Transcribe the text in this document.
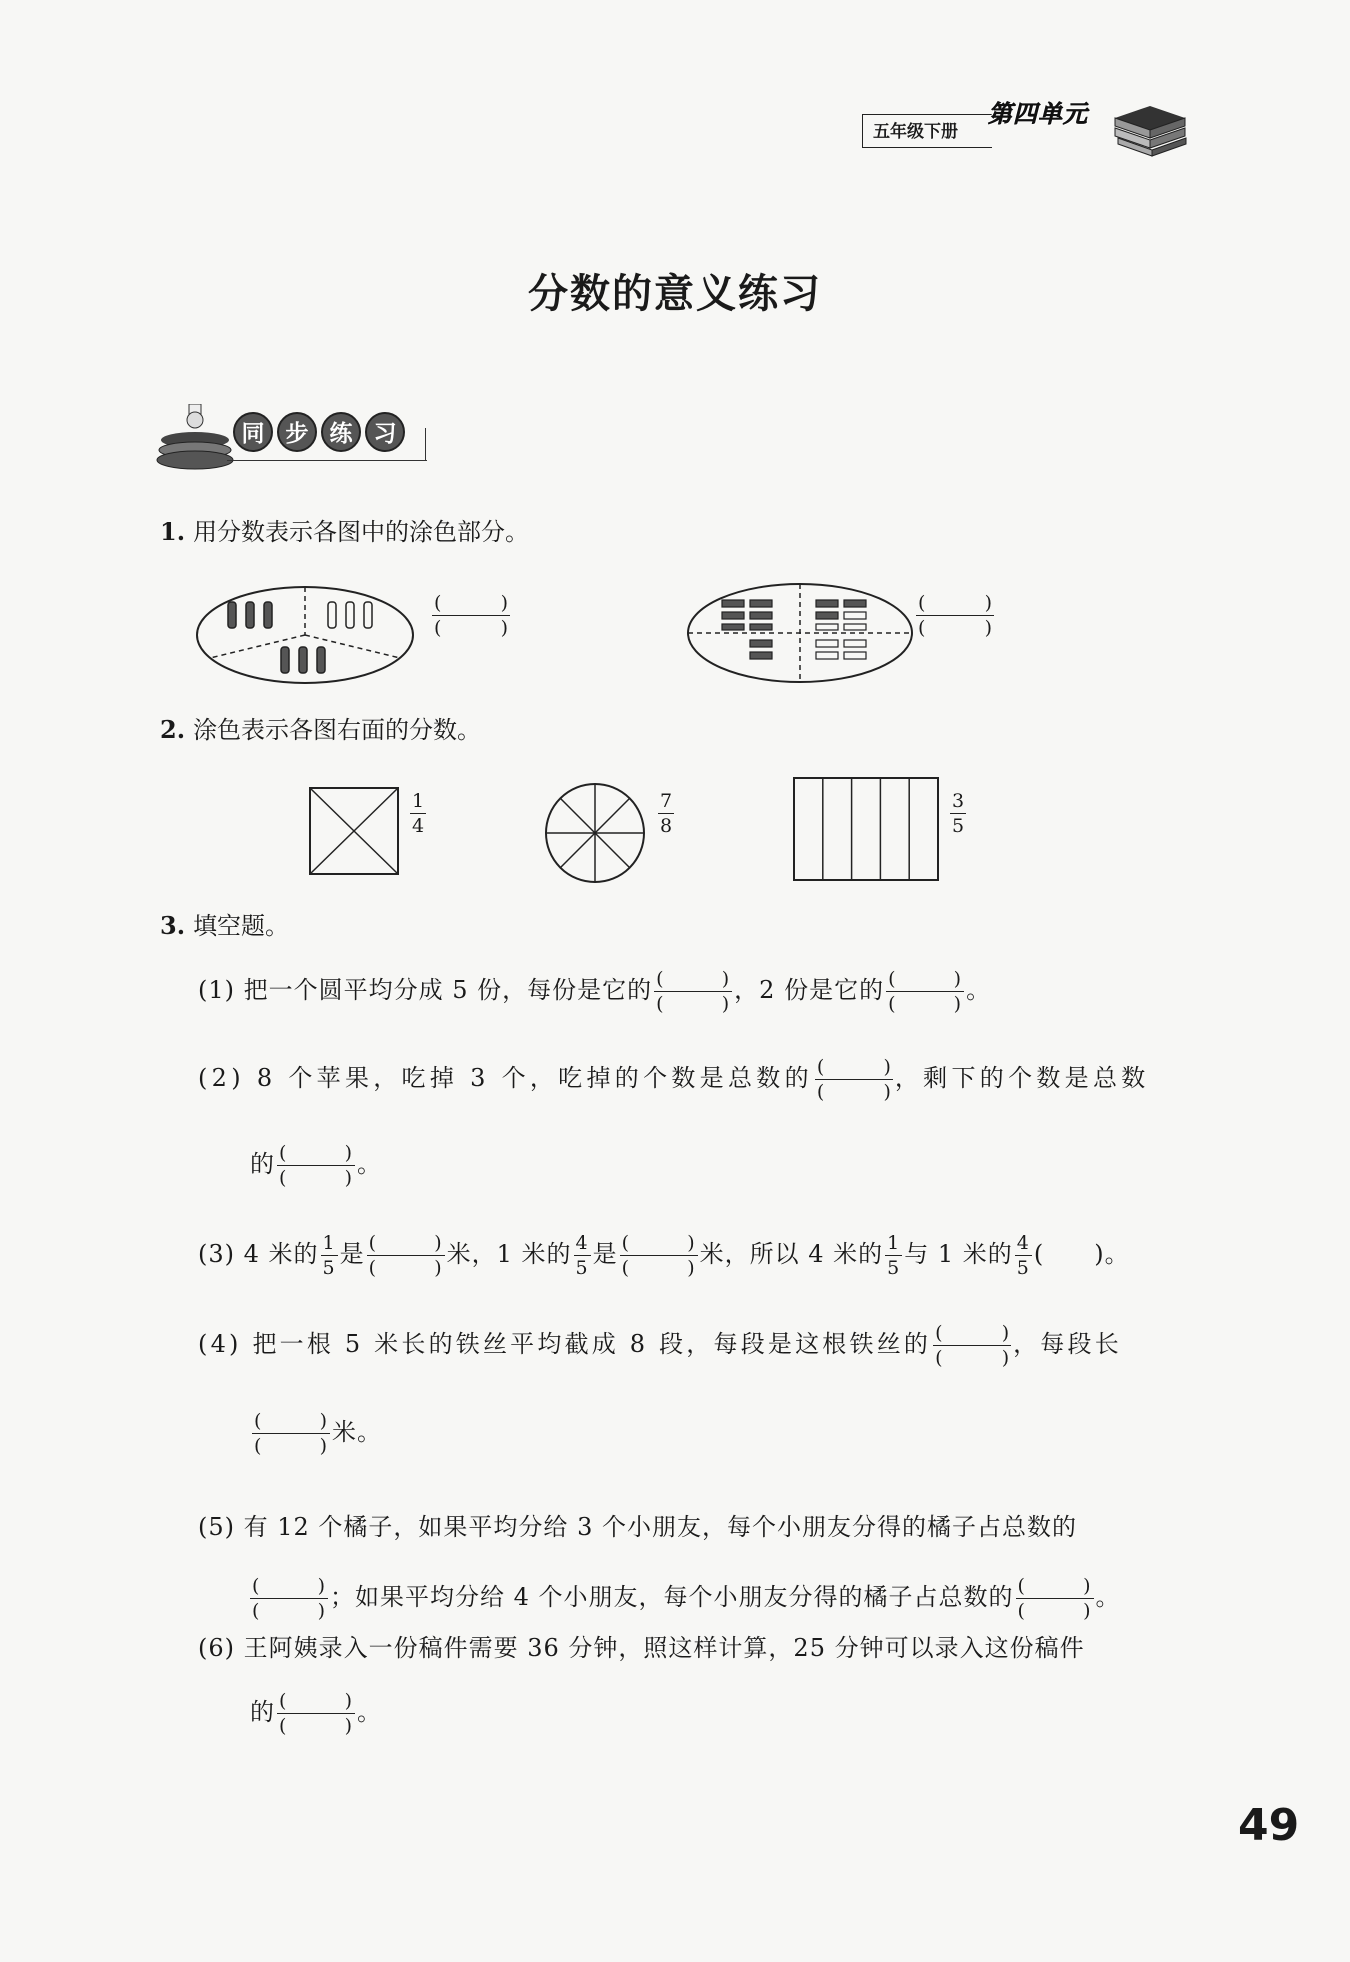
五年级下册
第四单元
分数的意义练习
同 步 练 习
1. 用分数表示各图中的涂色部分。
(	)
(	)	(	)
(	)
2. 涂色表示各图右面的分数。
$\frac{1}{4}$	$\frac{7}{8}$	$\frac{3}{5}$
3. 填空题。
(1) 把一个圆平均分成 5 份，每份是它的 (	)
(	) ，2 份是它的 (	)
(	) 。
(2) 8 个苹果，吃掉 3 个，吃掉的个数是总数的 (	)
(	) ，剩下的个数是总数
的 (	)
(	) 。
(3) 4 米的 $\frac{1}{5}$ 是 (	)
(	) 米，1 米的 $\frac{4}{5}$ 是 (	)
(	) 米，所以 4 米的 $\frac{1}{5}$ 与 1 米的 $\frac{4}{5}$ (　　)。
(4) 把一根 5 米长的铁丝平均截成 8 段，每段是这根铁丝的 (	)
(	) ，每段长
(	)
(	) 米。
(5) 有 12 个橘子，如果平均分给 3 个小朋友，每个小朋友分得的橘子占总数的

(	)
(	) ；如果平均分给 4 个小朋友，每个小朋友分得的橘子占总数的 (	)
(	) 。
(6) 王阿姨录入一份稿件需要 36 分钟，照这样计算，25 分钟可以录入这份稿件
的 (	)
(	) 。
49
